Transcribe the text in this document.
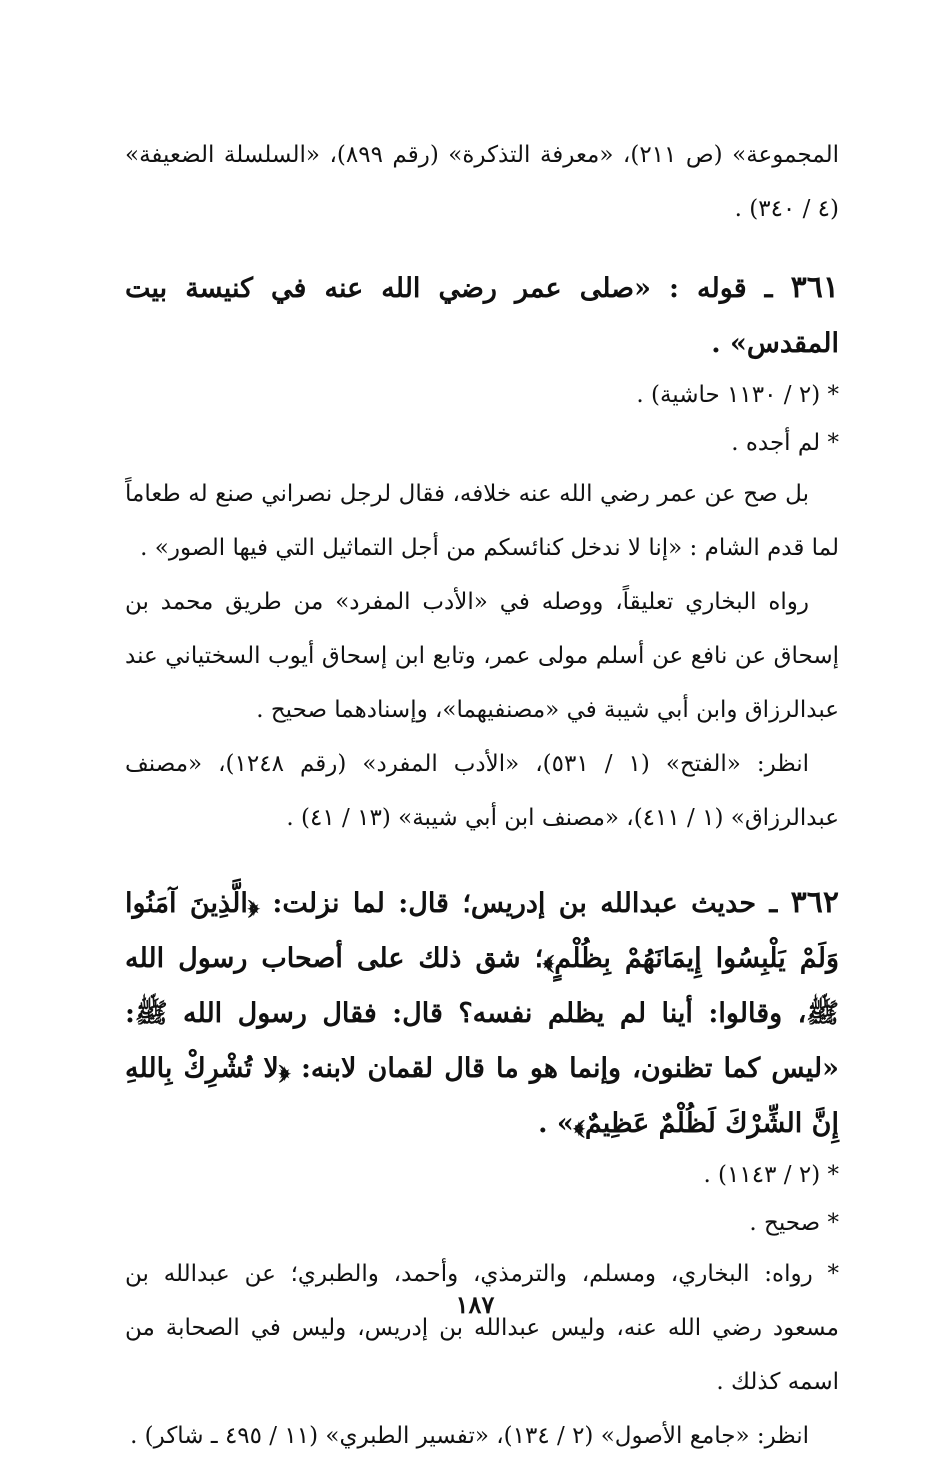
المجموعة» (ص ٢١١)، «معرفة التذكرة» (رقم ٨٩٩)، «السلسلة الضعيفة» (٤ / ٣٤٠) .

٣٦١ ـ قوله : «صلى عمر رضي الله عنه في كنيسة بيت المقدس» .

* (٢ / ١١٣٠ حاشية) .

* لم أجده .

بل صح عن عمر رضي الله عنه خلافه، فقال لرجل نصراني صنع له طعاماً لما قدم الشام : «إنا لا ندخل كنائسكم من أجل التماثيل التي فيها الصور» .

رواه البخاري تعليقاً، ووصله في «الأدب المفرد» من طريق محمد بن إسحاق عن نافع عن أسلم مولى عمر، وتابع ابن إسحاق أيوب السختياني عند عبدالرزاق وابن أبي شيبة في «مصنفيهما»، وإسنادهما صحيح .

انظر: «الفتح» (١ / ٥٣١)، «الأدب المفرد» (رقم ١٢٤٨)، «مصنف عبدالرزاق» (١ / ٤١١)، «مصنف ابن أبي شيبة» (١٣ / ٤١) .

٣٦٢ ـ حديث عبدالله بن إدريس؛ قال: لما نزلت: ﴿الَّذِينَ آمَنُوا وَلَمْ يَلْبِسُوا إِيمَانَهُمْ بِظُلْمٍ﴾؛ شق ذلك على أصحاب رسول الله ﷺ، وقالوا: أينا لم يظلم نفسه؟ قال: فقال رسول الله ﷺ: «ليس كما تظنون، وإنما هو ما قال لقمان لابنه: ﴿لا تُشْرِكْ بِاللهِ إِنَّ الشِّرْكَ لَظُلْمٌ عَظِيمٌ﴾» .

* (٢ / ١١٤٣) .

* صحيح .

* رواه: البخاري، ومسلم، والترمذي، وأحمد، والطبري؛ عن عبدالله بن مسعود رضي الله عنه، وليس عبدالله بن إدريس، وليس في الصحابة من اسمه كذلك .

انظر: «جامع الأصول» (٢ / ١٣٤)، «تفسير الطبري» (١١ / ٤٩٥ ـ شاكر) .

١٨٧
